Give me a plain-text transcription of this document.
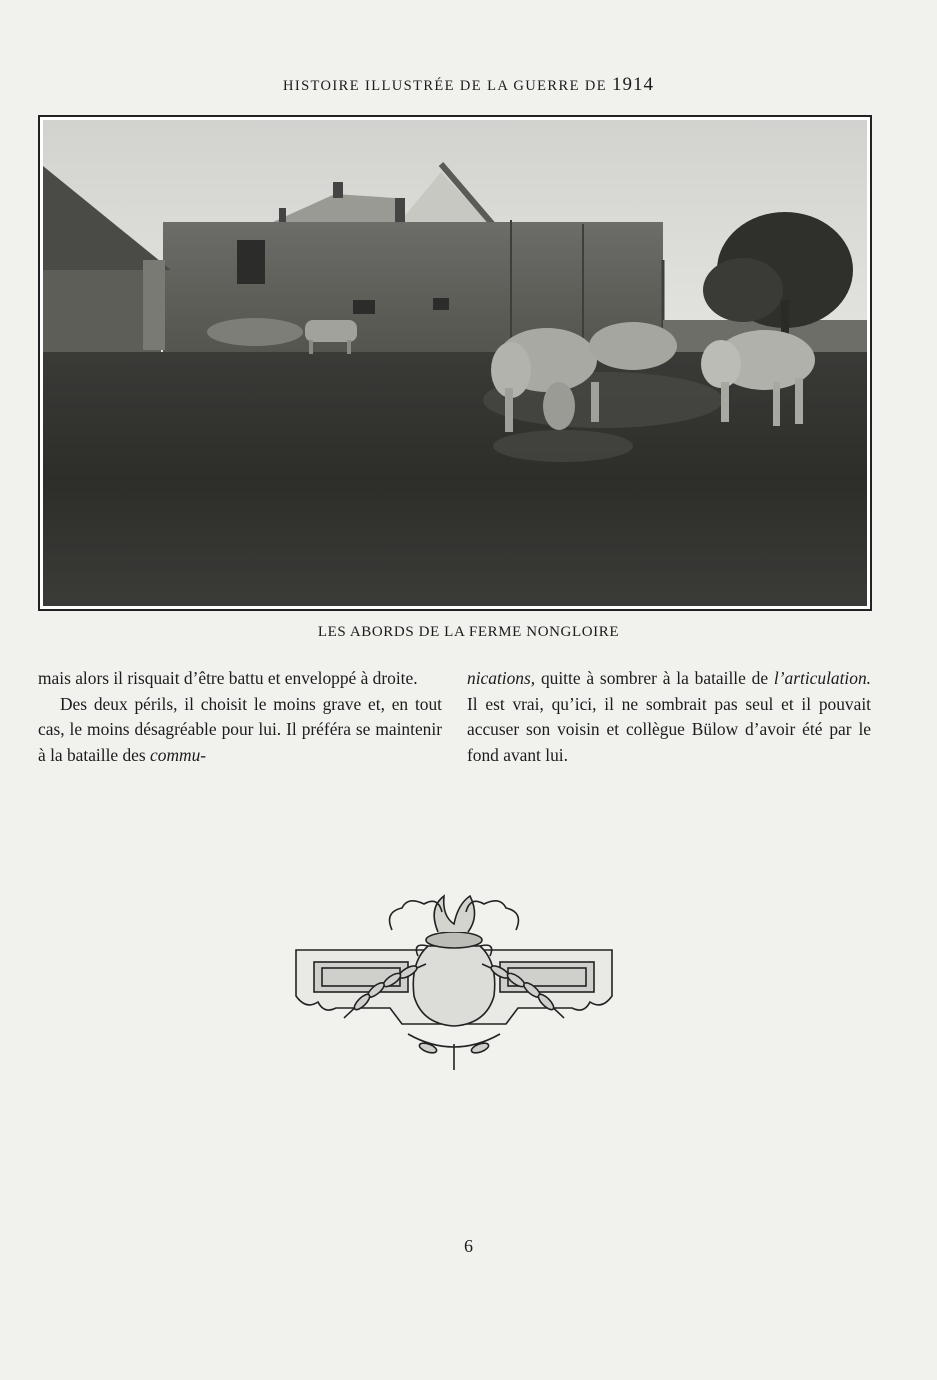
HISTOIRE ILLUSTRÉE DE LA GUERRE DE 1914
LES ABORDS DE LA FERME NONGLOIRE

mais alors il risquait d’être battu et enveloppé à droite.

Des deux périls, il choisit le moins grave et, en tout cas, le moins désagréable pour lui. Il préféra se maintenir à la bataille des commu-

nications, quitte à sombrer à la bataille de l’articulation. Il est vrai, qu’ici, il ne sombrait pas seul et il pouvait accuser son voisin et collègue Bülow d’avoir été par le fond avant lui.

6
